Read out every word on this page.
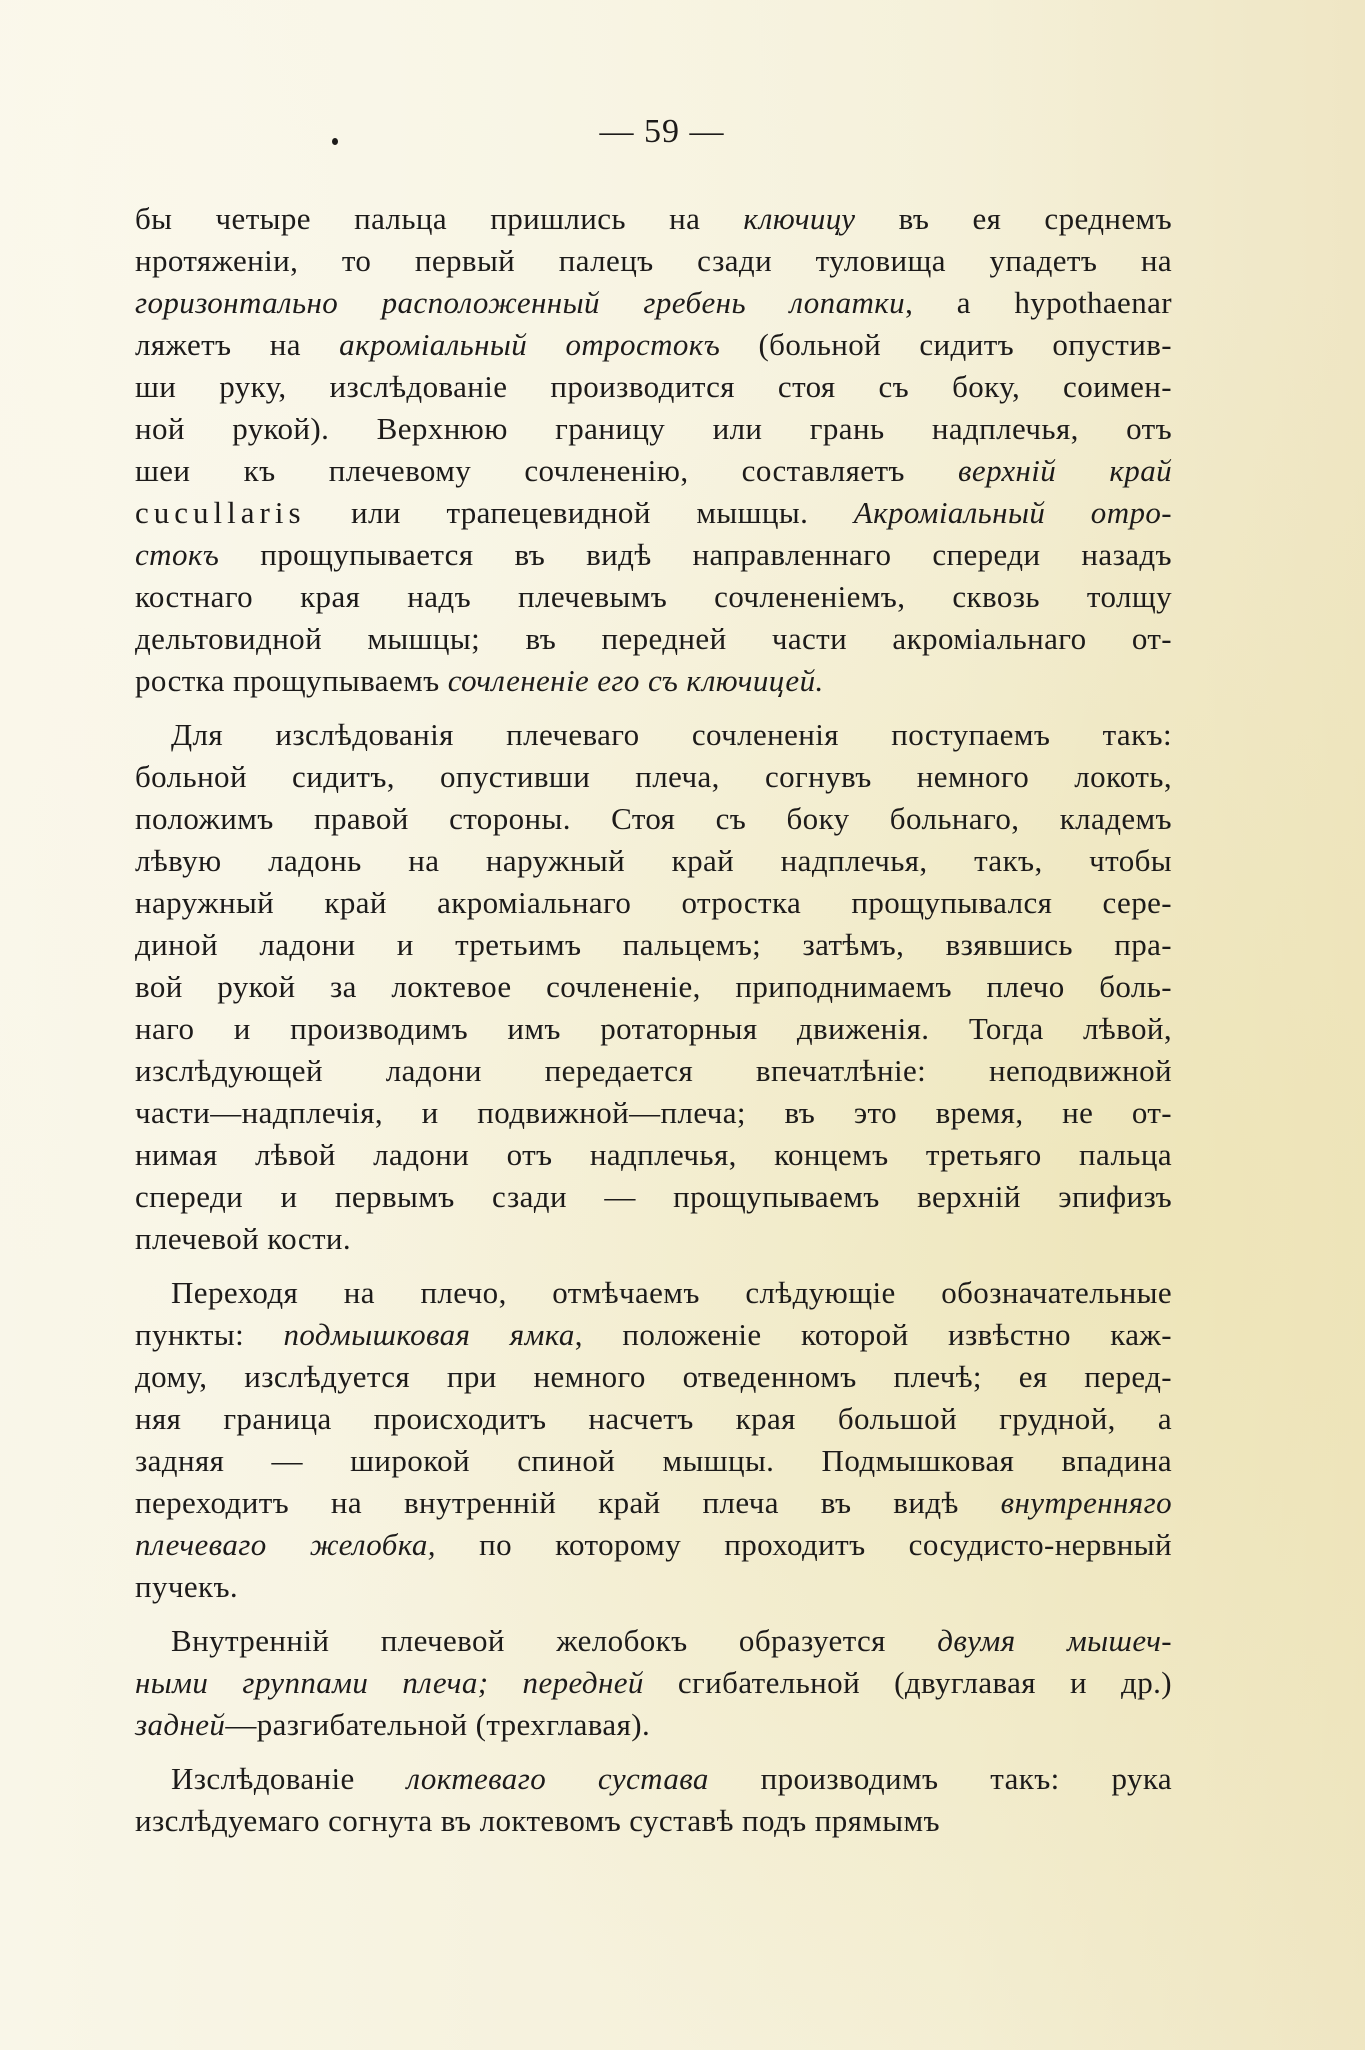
— 59 —
бы четыре пальца пришлись на ключицу въ ея среднемъ
нротяженіи, то первый палецъ сзади туловища упадетъ на
горизонтально расположенный гребень лопатки, а hypothaenar
ляжетъ на акроміальный отростокъ (больной сидитъ опустив-
ши руку, изслѣдованіе производится стоя съ боку, соимен-
ной рукой). Верхнюю границу или грань надплечья, отъ
шеи къ плечевому сочлененію, составляетъ верхній край
cucullaris или трапецевидной мышцы. Акроміальный отро-
стокъ прощупывается въ видѣ направленнаго спереди назадъ
костнаго края надъ плечевымъ сочлененіемъ, сквозь толщу
дельтовидной мышцы; въ передней части акроміальнаго от-
ростка прощупываемъ сочлененіе его съ ключицей.
Для изслѣдованія плечеваго сочлененія поступаемъ такъ:
больной сидитъ, опустивши плеча, согнувъ немного локоть,
положимъ правой стороны. Стоя съ боку больнаго, кладемъ
лѣвую ладонь на наружный край надплечья, такъ, чтобы
наружный край акроміальнаго отростка прощупывался сере-
диной ладони и третьимъ пальцемъ; затѣмъ, взявшись пра-
вой рукой за локтевое сочлененіе, приподнимаемъ плечо боль-
наго и производимъ имъ ротаторныя движенія. Тогда лѣвой,
изслѣдующей ладони передается впечатлѣніе: неподвижной
части—надплечія, и подвижной—плеча; въ это время, не от-
нимая лѣвой ладони отъ надплечья, концемъ третьяго пальца
спереди и первымъ сзади — прощупываемъ верхній эпифизъ
плечевой кости.
Переходя на плечо, отмѣчаемъ слѣдующіе обозначательные
пункты: подмышковая ямка, положеніе которой извѣстно каж-
дому, изслѣдуется при немного отведенномъ плечѣ; ея перед-
няя граница происходитъ насчетъ края большой грудной, а
задняя — широкой спиной мышцы. Подмышковая впадина
переходитъ на внутренній край плеча въ видѣ внутренняго
плечеваго желобка, по которому проходитъ сосудисто-нервный
пучекъ.
Внутренній плечевой желобокъ образуется двумя мышеч-
ными группами плеча; передней сгибательной (двуглавая и др.)
задней—разгибательной (трехглавая).
Изслѣдованіе локтеваго сустава производимъ такъ: рука
изслѣдуемаго согнута въ локтевомъ суставѣ подъ прямымъ
